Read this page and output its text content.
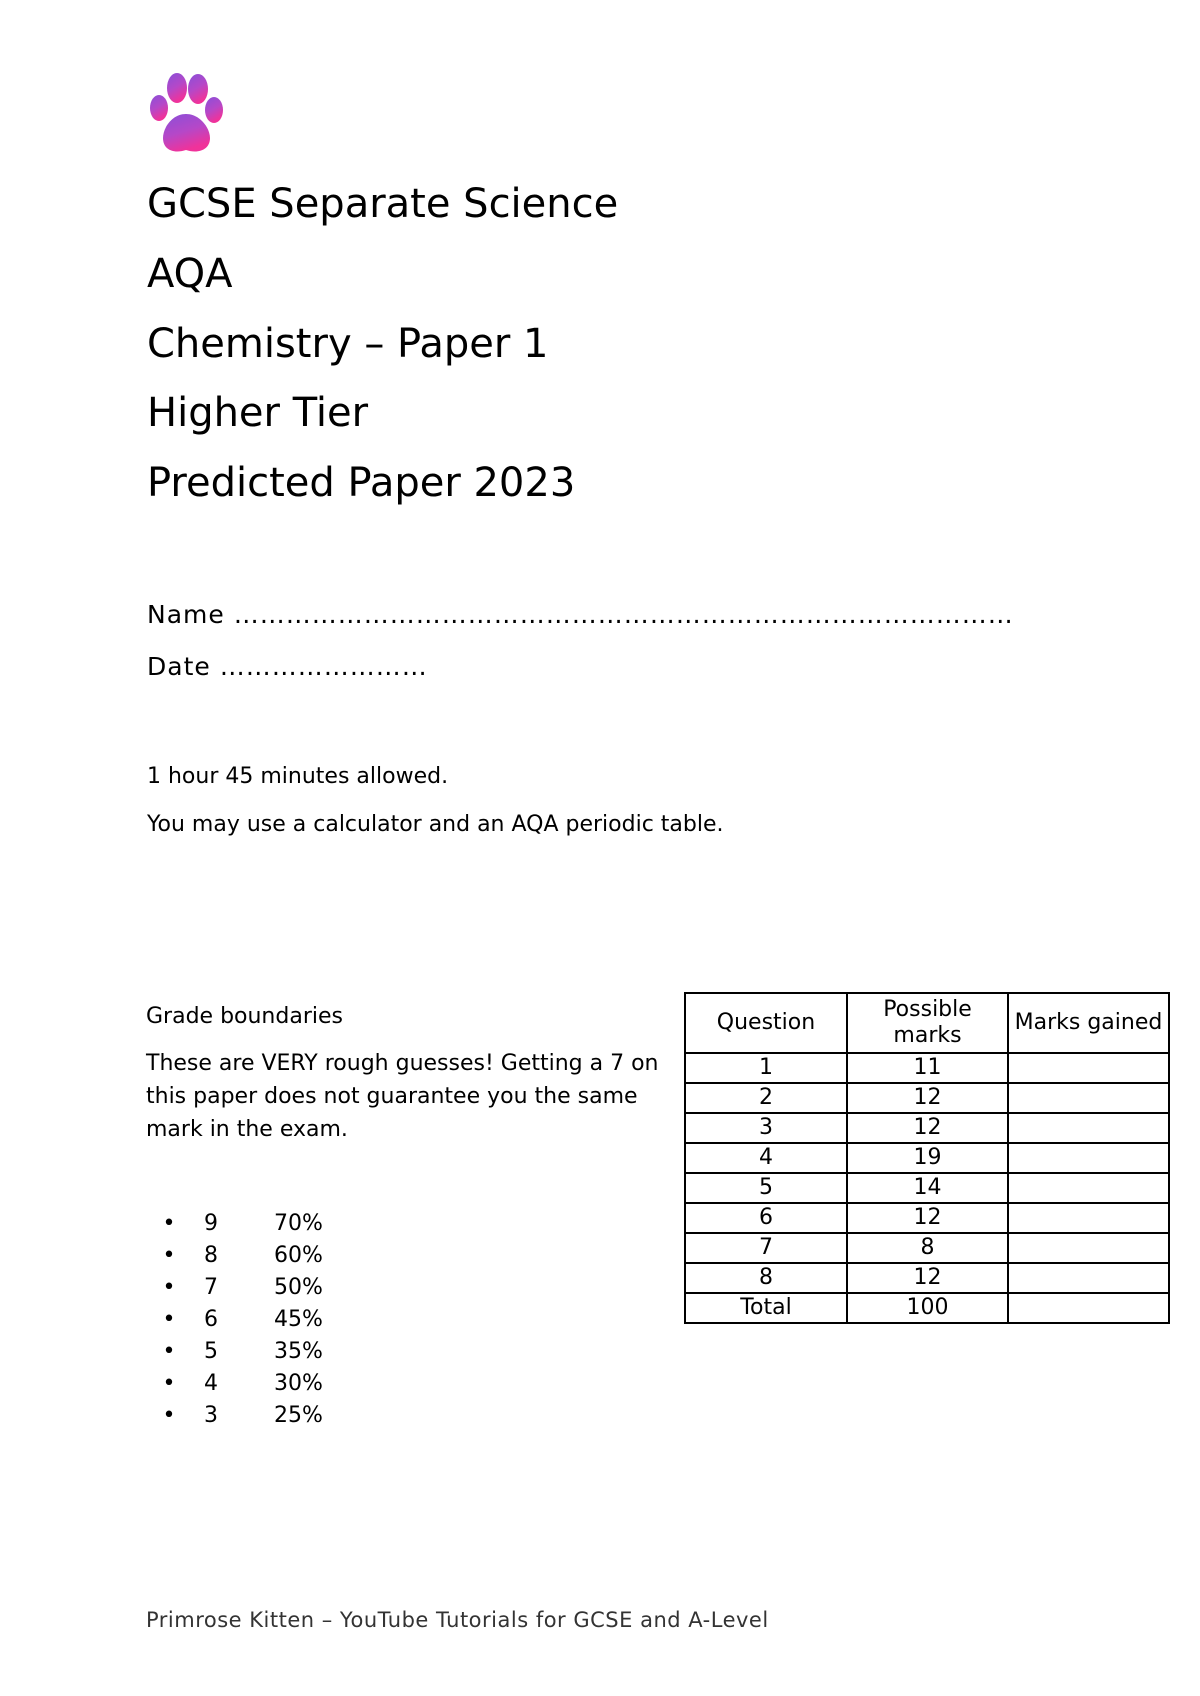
GCSE Separate Science
AQA
Chemistry – Paper 1
Higher Tier
Predicted Paper 2023
Name ………………………………………………………………………………
Date ……………………

1 hour 45 minutes allowed.

You may use a calculator and an AQA periodic table.

Grade boundaries

These are VERY rough guesses! Getting a 7 on this paper does not guarantee you the same mark in the exam.

•	9	70%
•	8	60%
•	7	50%
•	6	45%
•	5	35%
•	4	30%
•	3	25%
Question	Possible marks	Marks gained
1	11	
2	12	
3	12	
4	19	
5	14	
6	12	
7	8	
8	12	
Total	100	
Primrose Kitten – YouTube Tutorials for GCSE and A-Level
